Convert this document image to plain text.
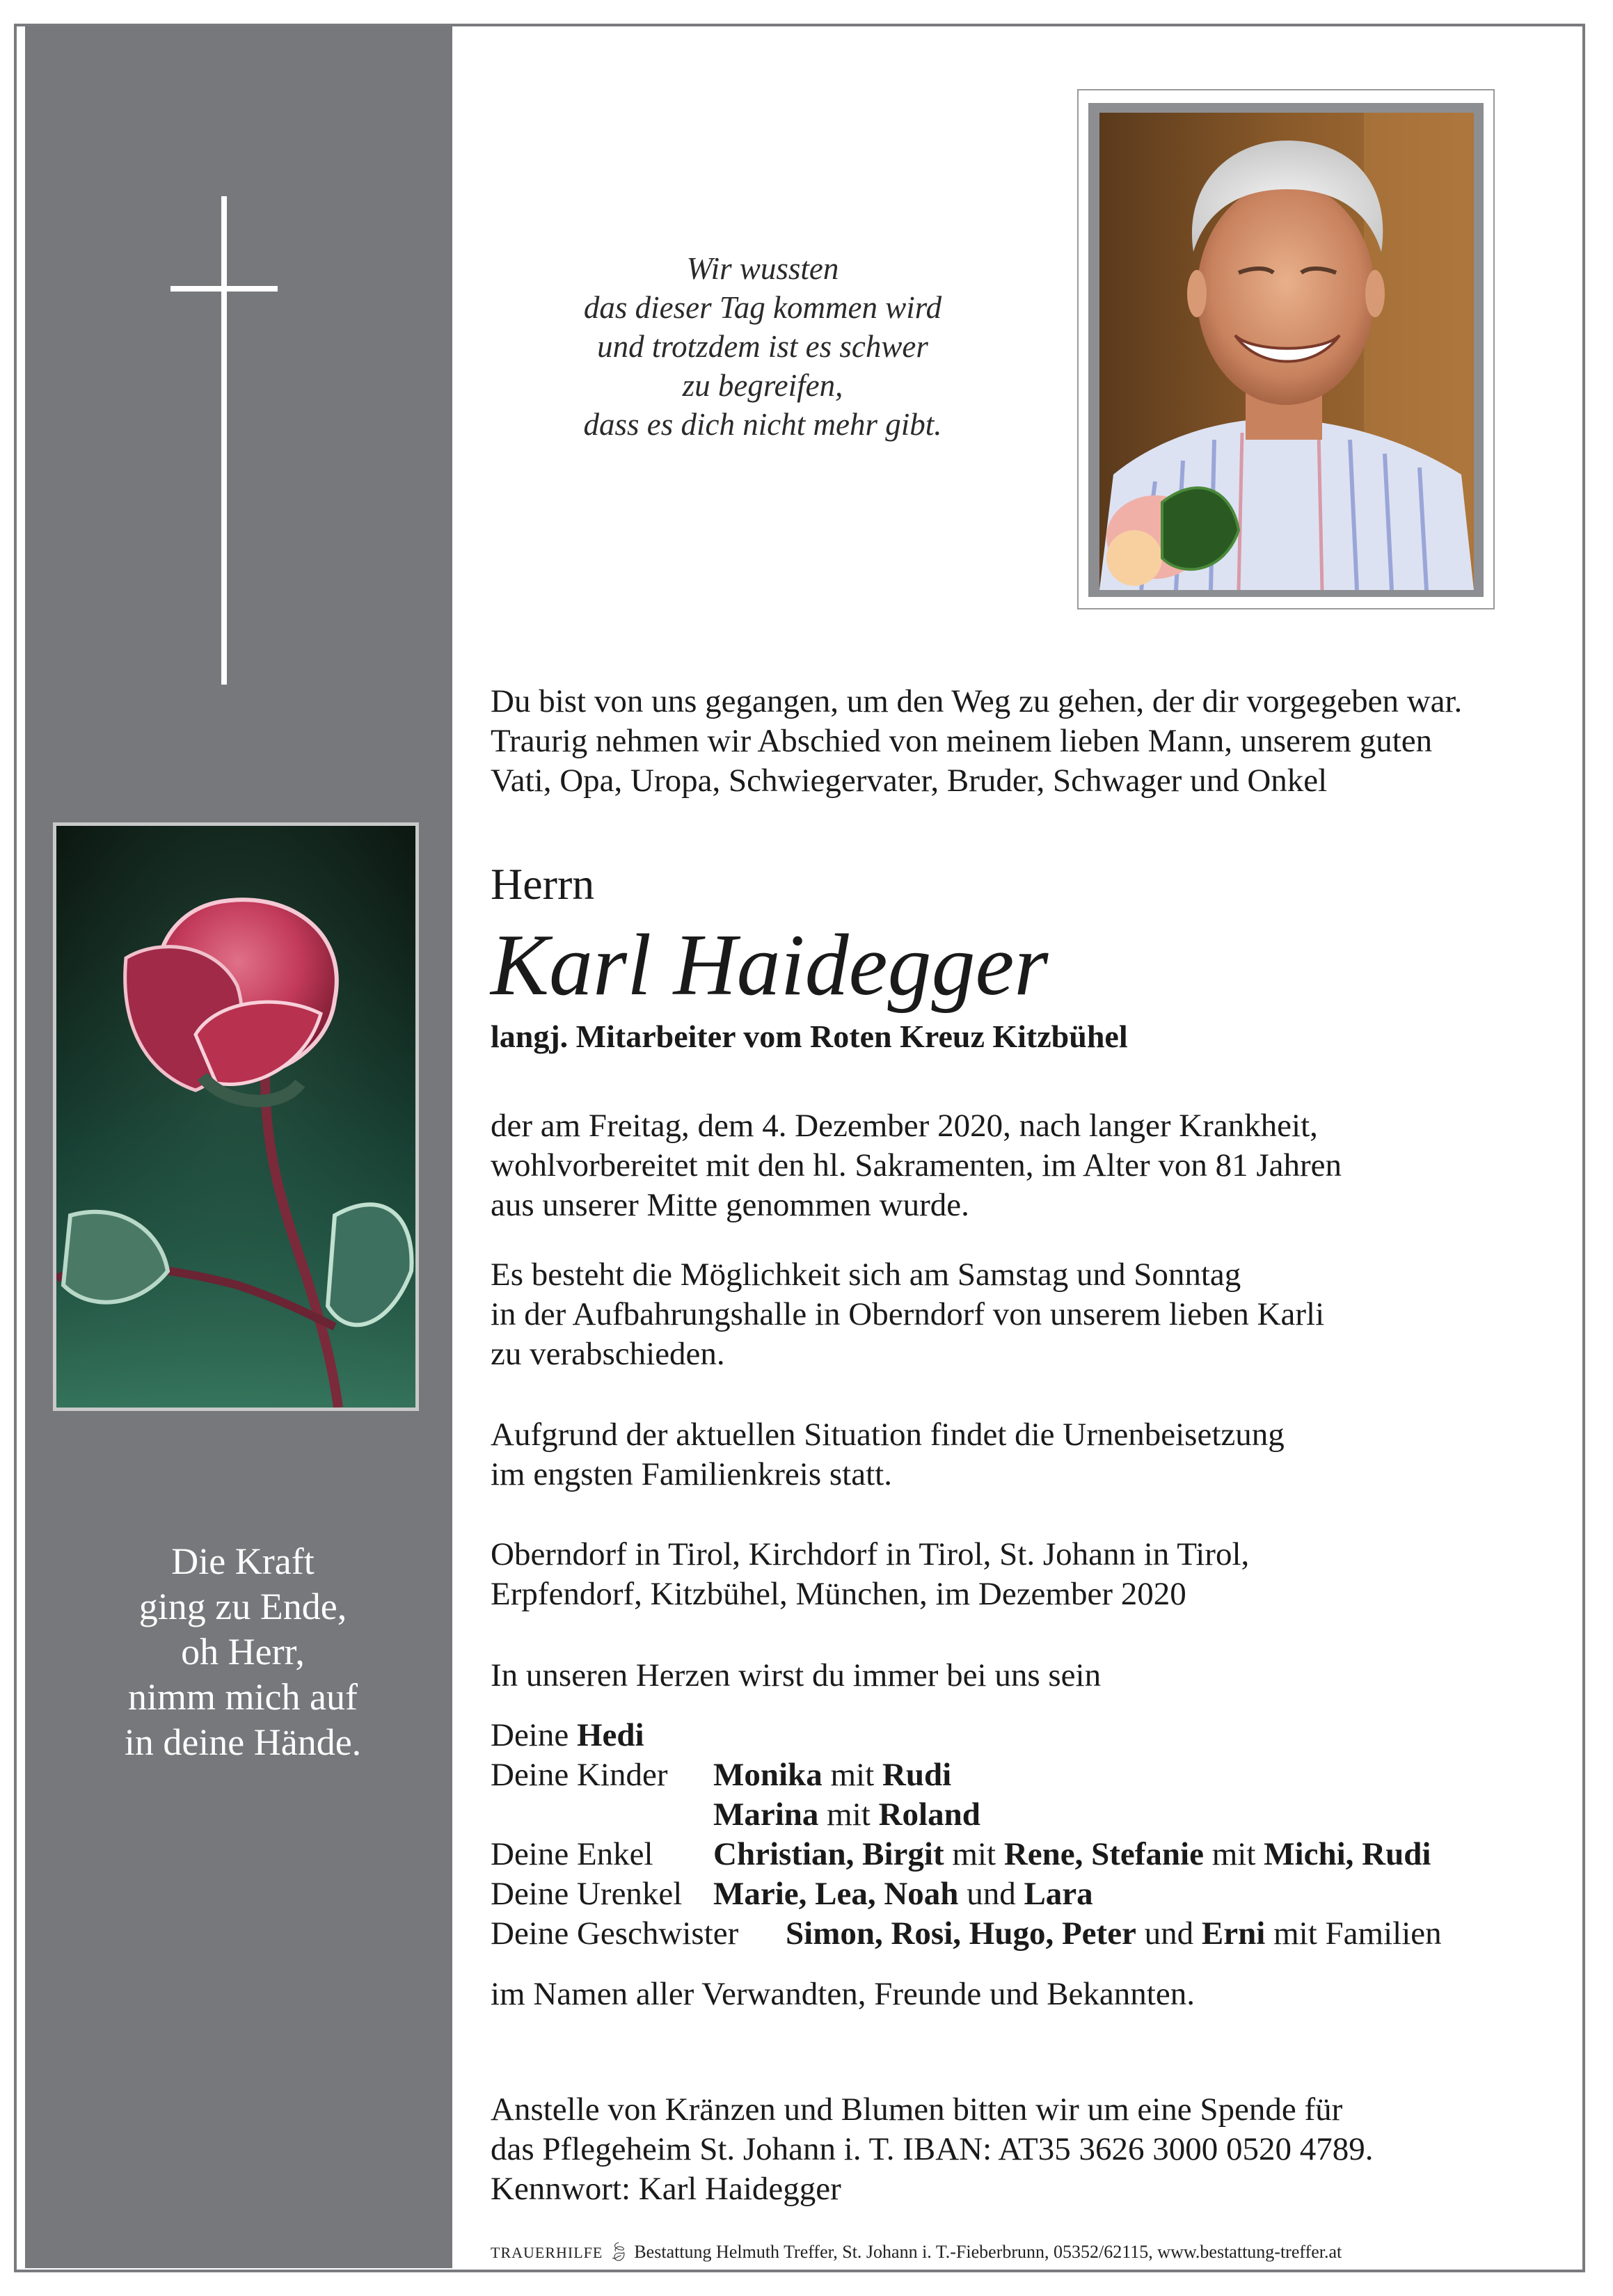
Die Kraft
ging zu Ende,
oh Herr,
nimm mich auf
in deine Hände.
Wir wussten
das dieser Tag kommen wird
und trotzdem ist es schwer
zu begreifen,
dass es dich nicht mehr gibt.
Du bist von uns gegangen, um den Weg zu gehen, der dir vorgegeben war.
Traurig nehmen wir Abschied von meinem lieben Mann, unserem guten
Vati, Opa, Uropa, Schwiegervater, Bruder, Schwager und Onkel
Herrn
Karl Haidegger
langj. Mitarbeiter vom Roten Kreuz Kitzbühel
der am Freitag, dem 4. Dezember 2020, nach langer Krankheit,
wohlvorbereitet mit den hl. Sakramenten, im Alter von 81 Jahren
aus unserer Mitte genommen wurde.
Es besteht die Möglichkeit sich am Samstag und Sonntag
in der Aufbahrungshalle in Oberndorf von unserem lieben Karli
zu verabschieden.
Aufgrund der aktuellen Situation findet die Urnenbeisetzung
im engsten Familienkreis statt.
Oberndorf in Tirol, Kirchdorf in Tirol, St. Johann in Tirol,
Erpfendorf, Kitzbühel, München, im Dezember 2020
In unseren Herzen wirst du immer bei uns sein
Deine Hedi
Deine Kinder Monika mit Rudi
Marina mit Roland
Deine Enkel Christian, Birgit mit Rene, Stefanie mit Michi, Rudi
Deine Urenkel Marie, Lea, Noah und Lara
Deine Geschwister Simon, Rosi, Hugo, Peter und Erni mit Familien
im Namen aller Verwandten, Freunde und Bekannten.
Anstelle von Kränzen und Blumen bitten wir um eine Spende für
das Pflegeheim St. Johann i. T. IBAN: AT35 3626 3000 0520 4789.
Kennwort: Karl Haidegger
TRAUERHILFE 🍃︎ Bestattung Helmuth Treffer, St. Johann i. T.-Fieberbrunn, 05352/62115, www.bestattung-treffer.at
